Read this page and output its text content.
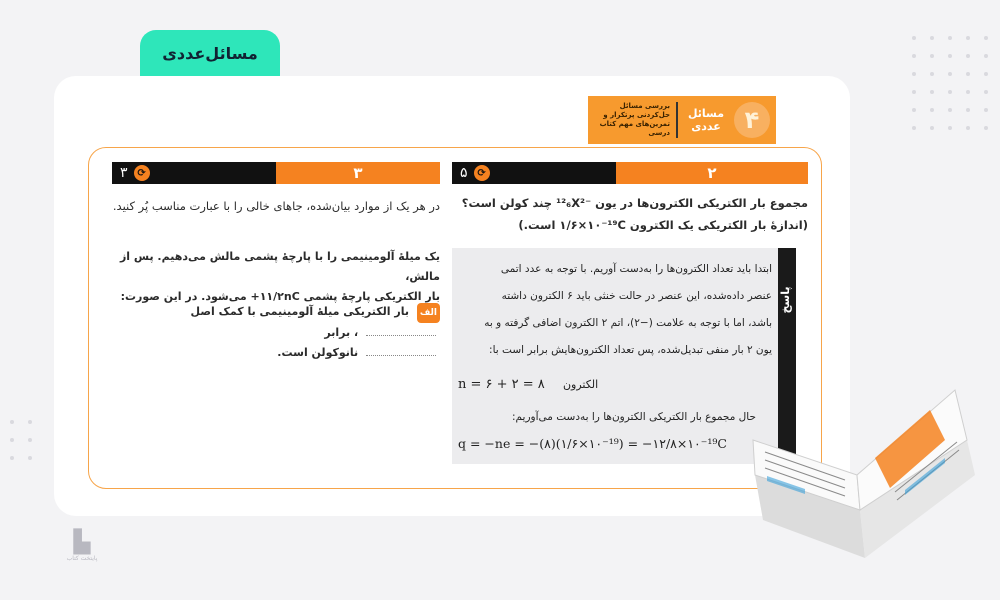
مسائل‌عددی
۴
مسائل
عددی
بررسی مسائل حل‌کردنی پرتکرار و تمرین‌های مهم کتاب درسی
۳ ⟳	۳	۵ ⟳	۲
مجموع بار الکتریکی الکترون‌ها در یون ‎¹²₆X²⁻‎ چند کولن است؟
(اندازهٔ بار الکتریکی یک الکترون ‎۱/۶×۱۰⁻¹⁹C‎ است.)
پاسخ
ابتدا باید تعداد الکترون‌ها را به‌دست آوریم. با توجه به عدد اتمی
عنصر داده‌شده، این عنصر در حالت خنثی باید ۶ الکترون داشته
باشد، اما با توجه به علامت (−۲)، اتم ۲ الکترون اضافی گرفته و به
یون ۲ بار منفی تبدیل‌شده، پس تعداد الکترون‌هایش برابر است با:
n = ۶ + ۲ = ۸ الکترون
حال مجموع بار الکتریکی الکترون‌ها را به‌دست می‌آوریم:
q = −ne = −(۸)(۱/۶×۱۰⁻¹⁹) = −۱۲/۸×۱۰⁻¹⁹C
در هر یک از موارد بیان‌شده، جاهای خالی را با عبارت مناسب پُر کنید.
یک میلهٔ آلومینیمی را با پارچهٔ پشمی مالش می‌دهیم. پس از مالش،
بار الکتریکی پارچهٔ پشمی ‎+۱۱/۲nC‎ می‌شود. در این صورت:
الف بار الکتریکی میلهٔ آلومینیمی با کمک اصل  ، برابر
نانوکولن است.
▙
پایتخت کتاب
